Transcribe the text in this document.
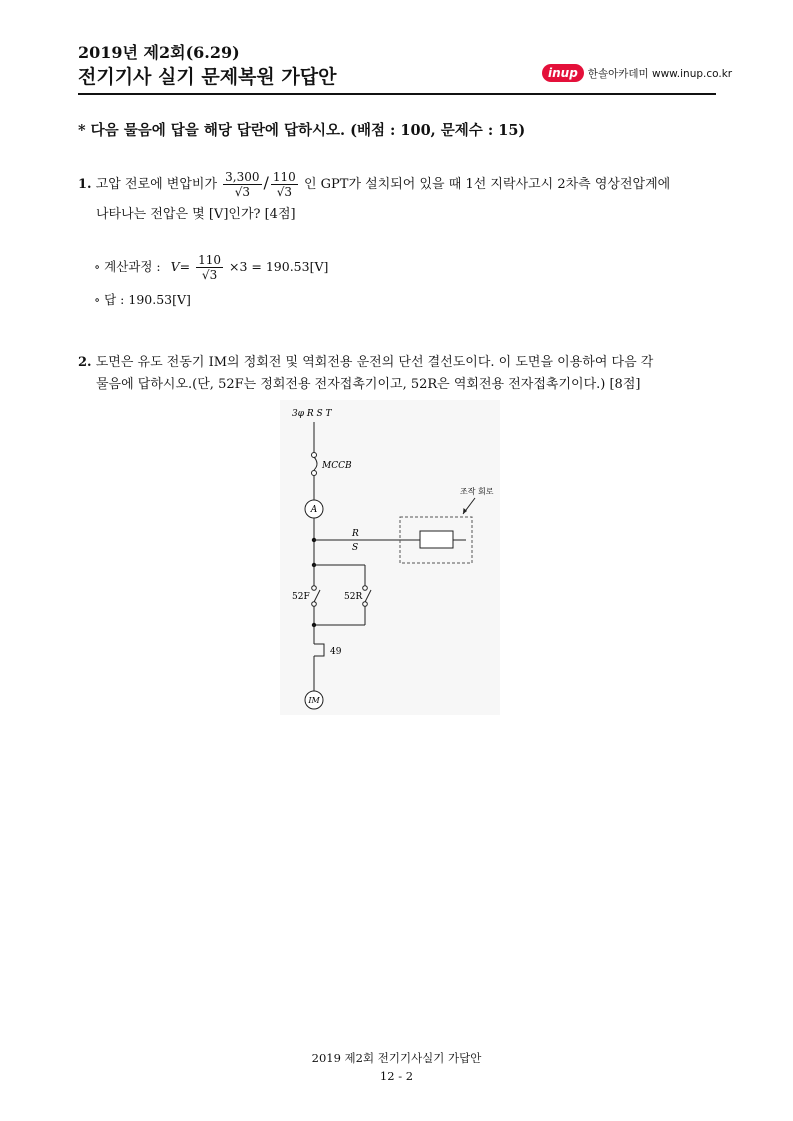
2019년 제2회(6.29)
전기기사 실기 문제복원 가답안	inup 한솔아카데미 www.inup.co.kr
* 다음 물음에 답을 해당 답란에 답하시오. (배점 : 100, 문제수 : 15)
1. 고압 전로에 변압비가 $\frac{3,300}{√3} / \frac{110}{√3}$ 인 GPT가 설치되어 있을 때 1선 지락사고시 2차측 영상전압계에
나타나는 전압은 몇 [V]인가? [4점]
∘ 계산과정 : $V= \frac{110}{√3} \times 3 = 190.53[V]$
∘ 답 : 190.53[V]
2. 도면은 유도 전동기 IM의 정회전 및 역회전용 운전의 단선 결선도이다. 이 도면을 이용하여 다음 각
물음에 답하시오.(단, 52F는 정회전용 전자접촉기이고, 52R은 역회전용 전자접촉기이다.) [8점]
3φ R S T
MCCB
A
R
S
조작 회로
52F	52R
49
IM
2019 제2회 전기기사실기 가답안
12 - 2
